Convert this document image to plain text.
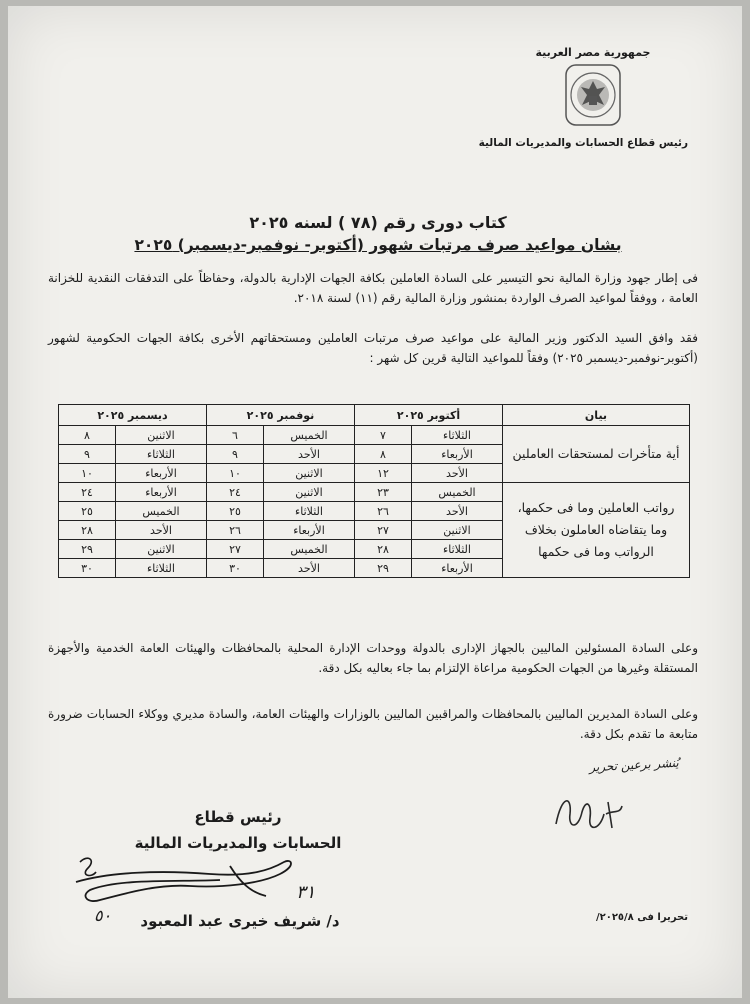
جمهورية مصر العربية
رئيس قطاع الحسابات والمديريات المالية
كتاب دورى رقم (٧٨ ) لسنه ٢٠٢٥
بشان مواعيد صرف مرتبات شهور (أكتوبر- نوفمبر-ديسمبر) ٢٠٢٥
فى إطار جهود وزارة المالية نحو التيسير على السادة العاملين بكافة الجهات الإدارية بالدولة، وحفاظاً على التدفقات النقدية للخزانة العامة ، ووفقاً لمواعيد الصرف الواردة بمنشور وزارة المالية رقم (١١) لسنة ٢٠١٨.
فقد وافق السيد الدكتور وزير المالية على مواعيد صرف مرتبات العاملين ومستحقاتهم الأخرى بكافة الجهات الحكومية لشهور (أكتوبر-نوفمبر-ديسمبر ٢٠٢٥) وفقاً للمواعيد التالية قرين كل شهر :
بيان	أكتوبر ٢٠٢٥		نوفمبر ٢٠٢٥		ديسمبر ٢٠٢٥	
أية متأخرات لمستحقات العاملين	الثلاثاء	٧	الخميس	٦	الاثنين	٨
	الأربعاء	٨	الأحد	٩	الثلاثاء	٩
	الأحد	١٢	الاثنين	١٠	الأربعاء	١٠
رواتب العاملين وما فى حكمها، وما يتقاضاه العاملون بخلاف الرواتب وما فى حكمها	الخميس	٢٣	الاثنين	٢٤	الأربعاء	٢٤
	الأحد	٢٦	الثلاثاء	٢٥	الخميس	٢٥
	الاثنين	٢٧	الأربعاء	٢٦	الأحد	٢٨
	الثلاثاء	٢٨	الخميس	٢٧	الاثنين	٢٩
	الأربعاء	٢٩	الأحد	٣٠	الثلاثاء	٣٠
وعلى السادة المسئولين الماليين بالجهاز الإدارى بالدولة ووحدات الإدارة المحلية بالمحافظات والهيئات العامة الخدمية والأجهزة المستقلة وغيرها من الجهات الحكومية مراعاة الإلتزام بما جاء بعاليه بكل دقة.
وعلى السادة المديرين الماليين بالمحافظات والمراقبين الماليين بالوزارات والهيئات العامة، والسادة مديري ووكلاء الحسابات ضرورة متابعة ما تقدم بكل دقة.
يُنشر برعين تحرير
رئيس قطاع
الحسابات والمديريات المالية
٣١
٥٠	د/ شريف خيرى عبد المعبود	تحريرا فى ٢٠٢٥/٨/
